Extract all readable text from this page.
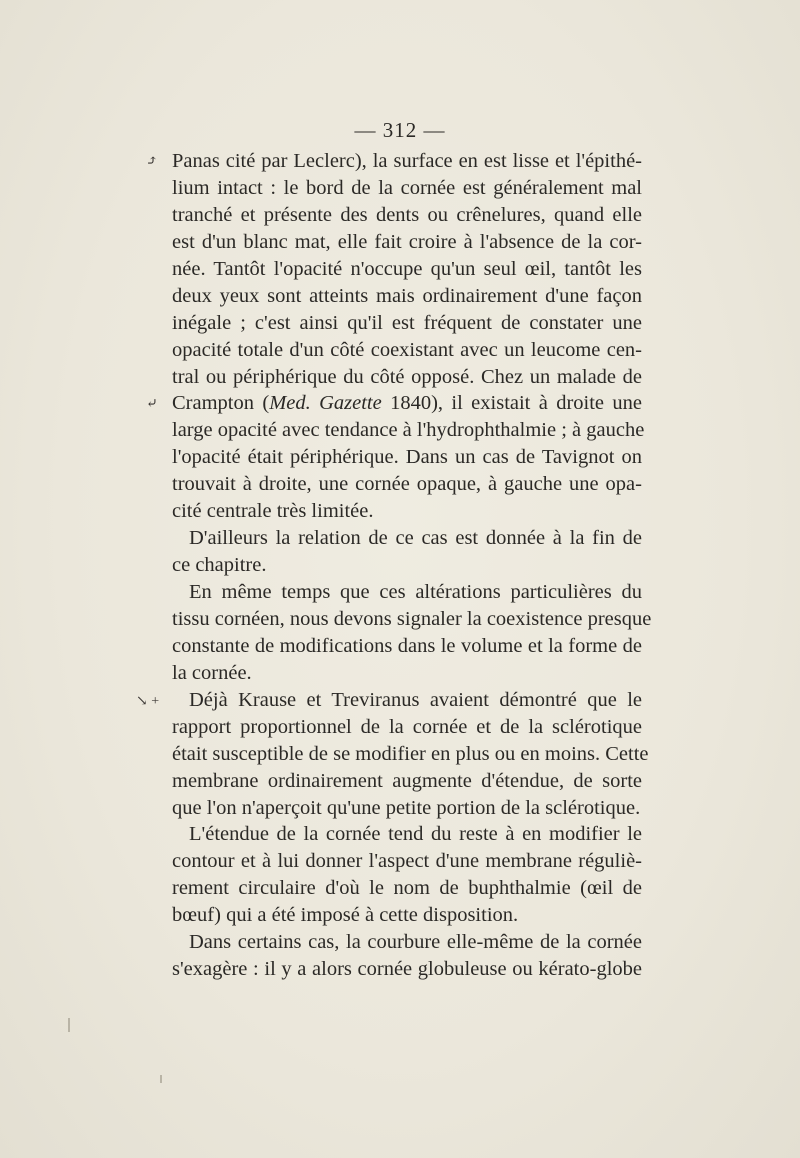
— 312 —
⤴
⤶
↘ +
Panas cité par Leclerc), la surface en est lisse et l'épithé-
lium intact : le bord de la cornée est généralement mal
tranché et présente des dents ou crênelures, quand elle
est d'un blanc mat, elle fait croire à l'absence de la cor-
née. Tantôt l'opacité n'occupe qu'un seul œil, tantôt les
deux yeux sont atteints mais ordinairement d'une façon
inégale ; c'est ainsi qu'il est fréquent de constater une
opacité totale d'un côté coexistant avec un leucome cen-
tral ou périphérique du côté opposé. Chez un malade de
Crampton (Med. Gazette 1840), il existait à droite une
large opacité avec tendance à l'hydrophthalmie ; à gauche
l'opacité était périphérique. Dans un cas de Tavignot on
trouvait à droite, une cornée opaque, à gauche une opa-
cité centrale très limitée.
D'ailleurs la relation de ce cas est donnée à la fin de
ce chapitre.
En même temps que ces altérations particulières du
tissu cornéen, nous devons signaler la coexistence presque
constante de modifications dans le volume et la forme de
la cornée.
Déjà Krause et Treviranus avaient démontré que le
rapport proportionnel de la cornée et de la sclérotique
était susceptible de se modifier en plus ou en moins. Cette
membrane ordinairement augmente d'étendue, de sorte
que l'on n'aperçoit qu'une petite portion de la sclérotique.
L'étendue de la cornée tend du reste à en modifier le
contour et à lui donner l'aspect d'une membrane réguliè-
rement circulaire d'où le nom de buphthalmie (œil de
bœuf) qui a été imposé à cette disposition.
Dans certains cas, la courbure elle-même de la cornée
s'exagère : il y a alors cornée globuleuse ou kérato-globe
